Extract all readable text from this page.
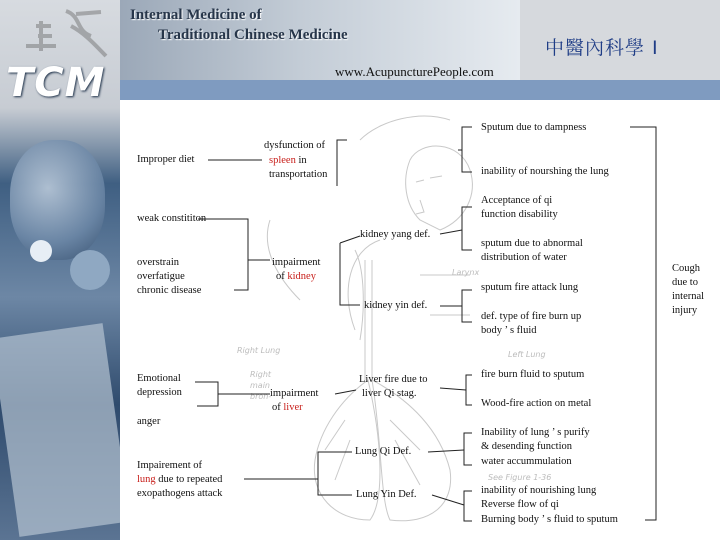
TCM
Internal Medicine of
Traditional Chinese Medicine
www.AcupuncturePeople.com
中醫內科學 I
Larynx
Right Lung	Left Lung
See Figure 1-36
Right
main
bron-
Improper diet
weak constititon
overstrain
overfatigue
chronic disease
Emotional
depression
anger
Impairement of
lung due to repeated
exopathogens attack
dysfunction of
spleen in
transportation
impairment
of kidney
impairment
of liver
kidney yang def.
kidney yin def.
Liver fire due to
liver Qi stag.
Lung Qi Def.
Lung Yin Def.
Sputum due to dampness
inability of nourshing the lung
Acceptance of qi
function disability
sputum due to abnormal
distribution of water
sputum fire attack lung
def. type of fire burn up
body ’ s fluid
fire burn fluid to sputum
Wood-fire action on metal
Inability of lung ’ s purify
& desending function
water accummulation
inability of nourishing lung
Reverse flow of qi
Burning body ’ s fluid to sputum
Cough
due to
internal
injury
